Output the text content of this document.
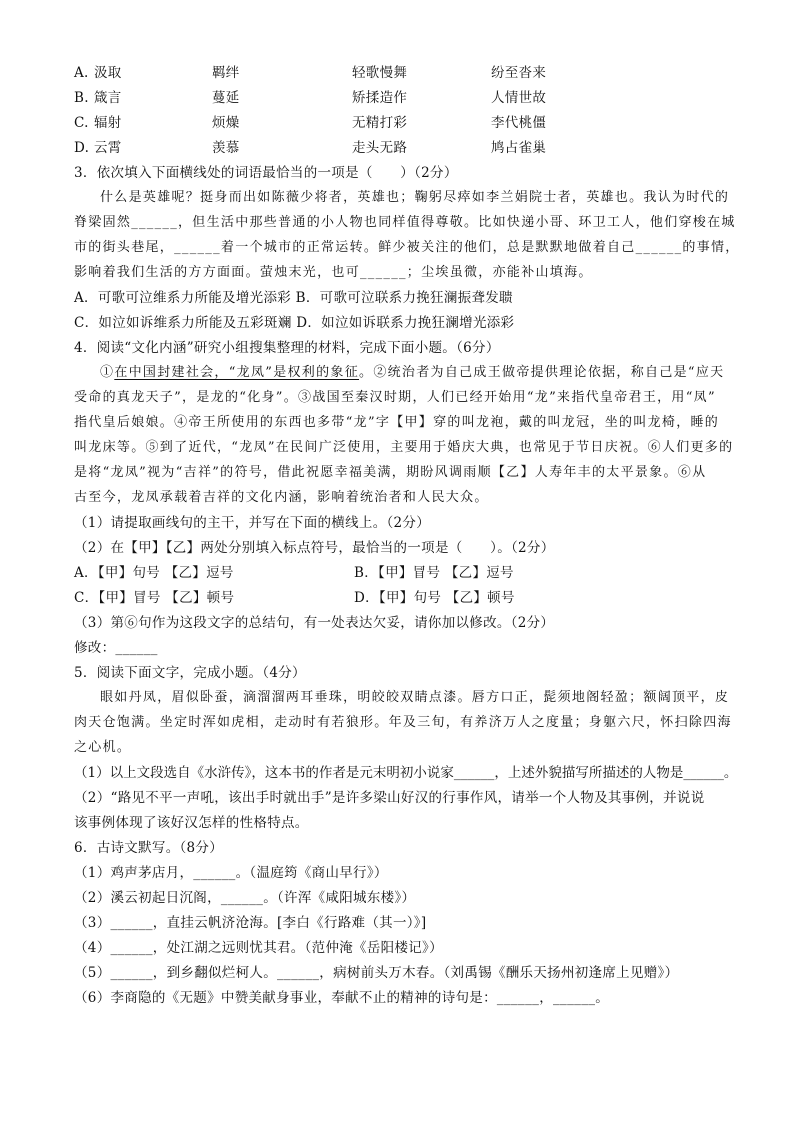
A. 汲取	羁绊	轻歌慢舞	纷至沓来
B. 箴言	蔓延	矫揉造作	人情世故
C. 辐射	烦燥	无精打彩	李代桃僵
D. 云霄	羡慕	走头无路	鸠占雀巢
3．依次填入下面横线处的词语最恰当的一项是（　　）（2分）
什么是英雄呢？挺身而出如陈薇少将者，英雄也；鞠躬尽瘁如李兰娟院士者，英雄也。我认为时代的
脊梁固然______，但生活中那些普通的小人物也同样值得尊敬。比如快递小哥、环卫工人，他们穿梭在城
市的街头巷尾，______着一个城市的正常运转。鲜少被关注的他们，总是默默地做着自己______的事情，
影响着我们生活的方方面面。萤烛末光，也可______；尘埃虽微，亦能补山填海。
A．可歌可泣维系力所能及增光添彩 B．可歌可泣联系力挽狂澜振聋发聩
C．如泣如诉维系力所能及五彩斑斓 D．如泣如诉联系力挽狂澜增光添彩
4．阅读“文化内涵”研究小组搜集整理的材料，完成下面小题。（6分）
①在中国封建社会，“龙凤”是权利的象征。②统治者为自己成王做帝提供理论依据，称自己是“应天
受命的真龙天子”，是龙的“化身”。③战国至秦汉时期，人们已经开始用“龙”来指代皇帝君王，用“凤”
指代皇后娘娘。④帝王所使用的东西也多带“龙”字【甲】穿的叫龙袍，戴的叫龙冠，坐的叫龙椅，睡的
叫龙床等。⑤到了近代，“龙凤”在民间广泛使用，主要用于婚庆大典，也常见于节日庆祝。⑥人们更多的
是将“龙凤”视为“吉祥”的符号，借此祝愿幸福美满，期盼风调雨顺【乙】人寿年丰的太平景象。⑥从
古至今，龙凤承载着吉祥的文化内涵，影响着统治者和人民大众。
（1）请提取画线句的主干，并写在下面的横线上。（2分）
（2）在【甲】【乙】两处分别填入标点符号，最恰当的一项是（　　）。（2分）
A．【甲】句号 【乙】逗号	B．【甲】冒号 【乙】逗号
C．【甲】冒号 【乙】顿号	D．【甲】句号 【乙】顿号
（3）第⑥句作为这段文字的总结句，有一处表达欠妥，请你加以修改。（2分）
修改：______
5．阅读下面文字，完成小题。（4分）
眼如丹凤，眉似卧蚕，滴溜溜两耳垂珠，明皎皎双睛点漆。唇方口正，髭须地阁轻盈；额阔顶平，皮
肉天仓饱满。坐定时浑如虎相，走动时有若狼形。年及三旬，有养济万人之度量；身躯六尺，怀扫除四海
之心机。
（1）以上文段选自《水浒传》，这本书的作者是元末明初小说家______，上述外貌描写所描述的人物是______。
（2）“路见不平一声吼，该出手时就出手”是许多梁山好汉的行事作风，请举一个人物及其事例，并说说
该事例体现了该好汉怎样的性格特点。
6．古诗文默写。（8分）
（1）鸡声茅店月，______。（温庭筠《商山早行》）
（2）溪云初起日沉阁，______。（许浑《咸阳城东楼》）
（3）______，直挂云帆济沧海。[李白《行路难（其一）》]
（4）______，处江湖之远则忧其君。（范仲淹《岳阳楼记》）
（5）______，到乡翻似烂柯人。______，病树前头万木春。（刘禹锡《酬乐天扬州初逢席上见赠》）
（6）李商隐的《无题》中赞美献身事业，奉献不止的精神的诗句是：______，______。
